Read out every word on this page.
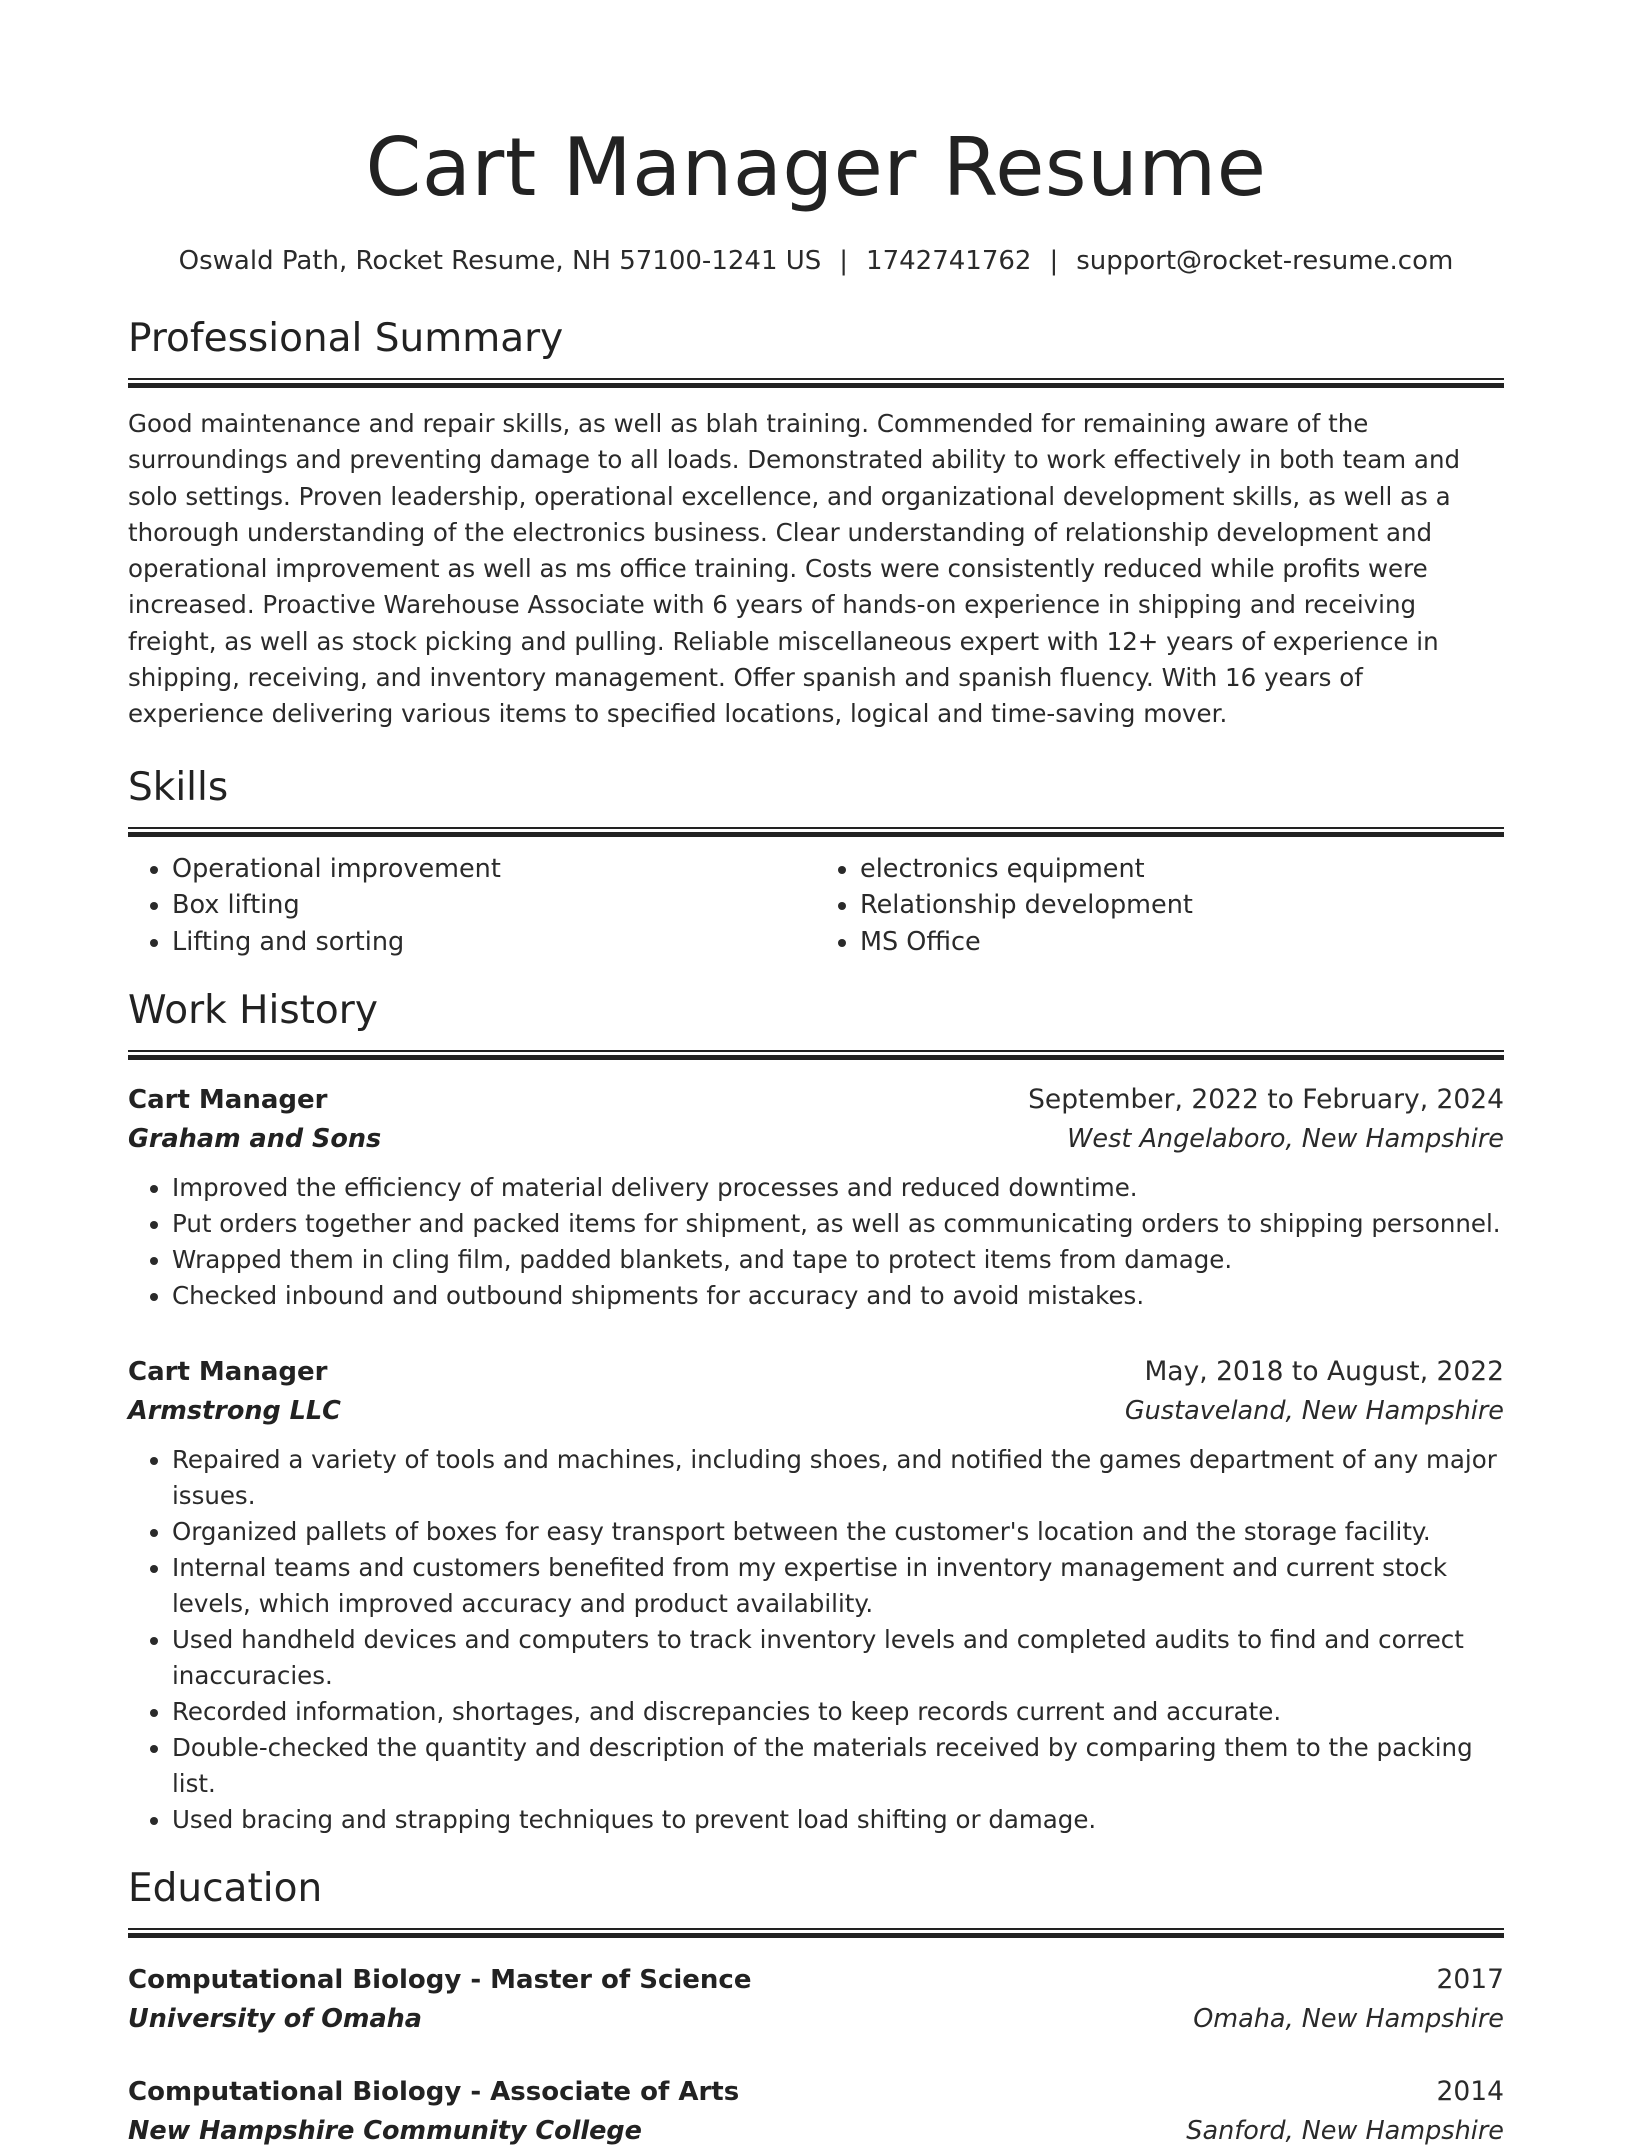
Cart Manager Resume
Oswald Path, Rocket Resume, NH 57100-1241 US | 1742741762 | support@rocket-resume.com
Professional Summary
Good maintenance and repair skills, as well as blah training. Commended for remaining aware of the surroundings and preventing damage to all loads. Demonstrated ability to work effectively in both team and solo settings. Proven leadership, operational excellence, and organizational development skills, as well as a thorough understanding of the electronics business. Clear understanding of relationship development and operational improvement as well as ms office training. Costs were consistently reduced while profits were increased. Proactive Warehouse Associate with 6 years of hands-on experience in shipping and receiving freight, as well as stock picking and pulling. Reliable miscellaneous expert with 12+ years of experience in shipping, receiving, and inventory management. Offer spanish and spanish fluency. With 16 years of experience delivering various items to specified locations, logical and time-saving mover.
Skills
• Operational improvement
• Box lifting
• Lifting and sorting
• electronics equipment
• Relationship development
• MS Office
Work History
Cart Manager	September, 2022 to February, 2024
Graham and Sons	West Angelaboro, New Hampshire
• Improved the efficiency of material delivery processes and reduced downtime.
• Put orders together and packed items for shipment, as well as communicating orders to shipping personnel.
• Wrapped them in cling film, padded blankets, and tape to protect items from damage.
• Checked inbound and outbound shipments for accuracy and to avoid mistakes.
Cart Manager	May, 2018 to August, 2022
Armstrong LLC	Gustaveland, New Hampshire
• Repaired a variety of tools and machines, including shoes, and notified the games department of any major issues.
• Organized pallets of boxes for easy transport between the customer's location and the storage facility.
• Internal teams and customers benefited from my expertise in inventory management and current stock levels, which improved accuracy and product availability.
• Used handheld devices and computers to track inventory levels and completed audits to find and correct inaccuracies.
• Recorded information, shortages, and discrepancies to keep records current and accurate.
• Double-checked the quantity and description of the materials received by comparing them to the packing list.
• Used bracing and strapping techniques to prevent load shifting or damage.
Education
Computational Biology - Master of Science	2017
University of Omaha	Omaha, New Hampshire
Computational Biology - Associate of Arts	2014
New Hampshire Community College	Sanford, New Hampshire
